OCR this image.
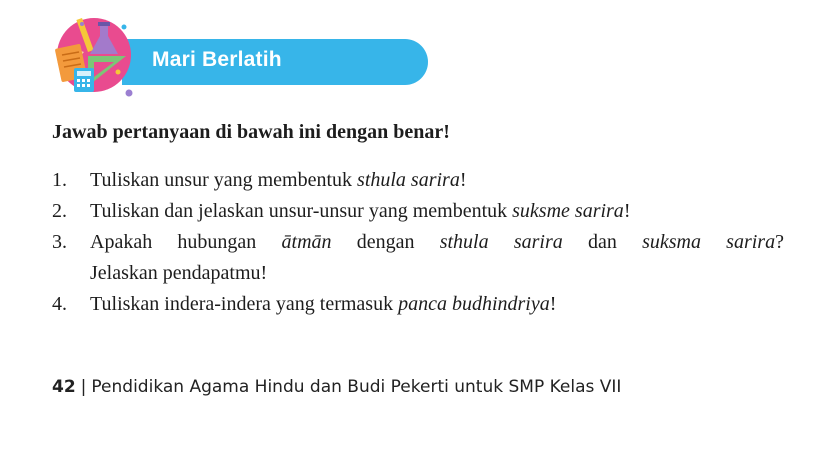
Mari Berlatih
Jawab pertanyaan di bawah ini dengan benar!
1. Tuliskan unsur yang membentuk sthula sarira!
2. Tuliskan dan jelaskan unsur-unsur yang membentuk suksme sarira!
3. Apakah hubungan ātmān dengan sthula sarira dan suksma sarira?
Jelaskan pendapatmu!
4. Tuliskan indera-indera yang termasuk panca budhindriya!
42 | Pendidikan Agama Hindu dan Budi Pekerti untuk SMP Kelas VII
